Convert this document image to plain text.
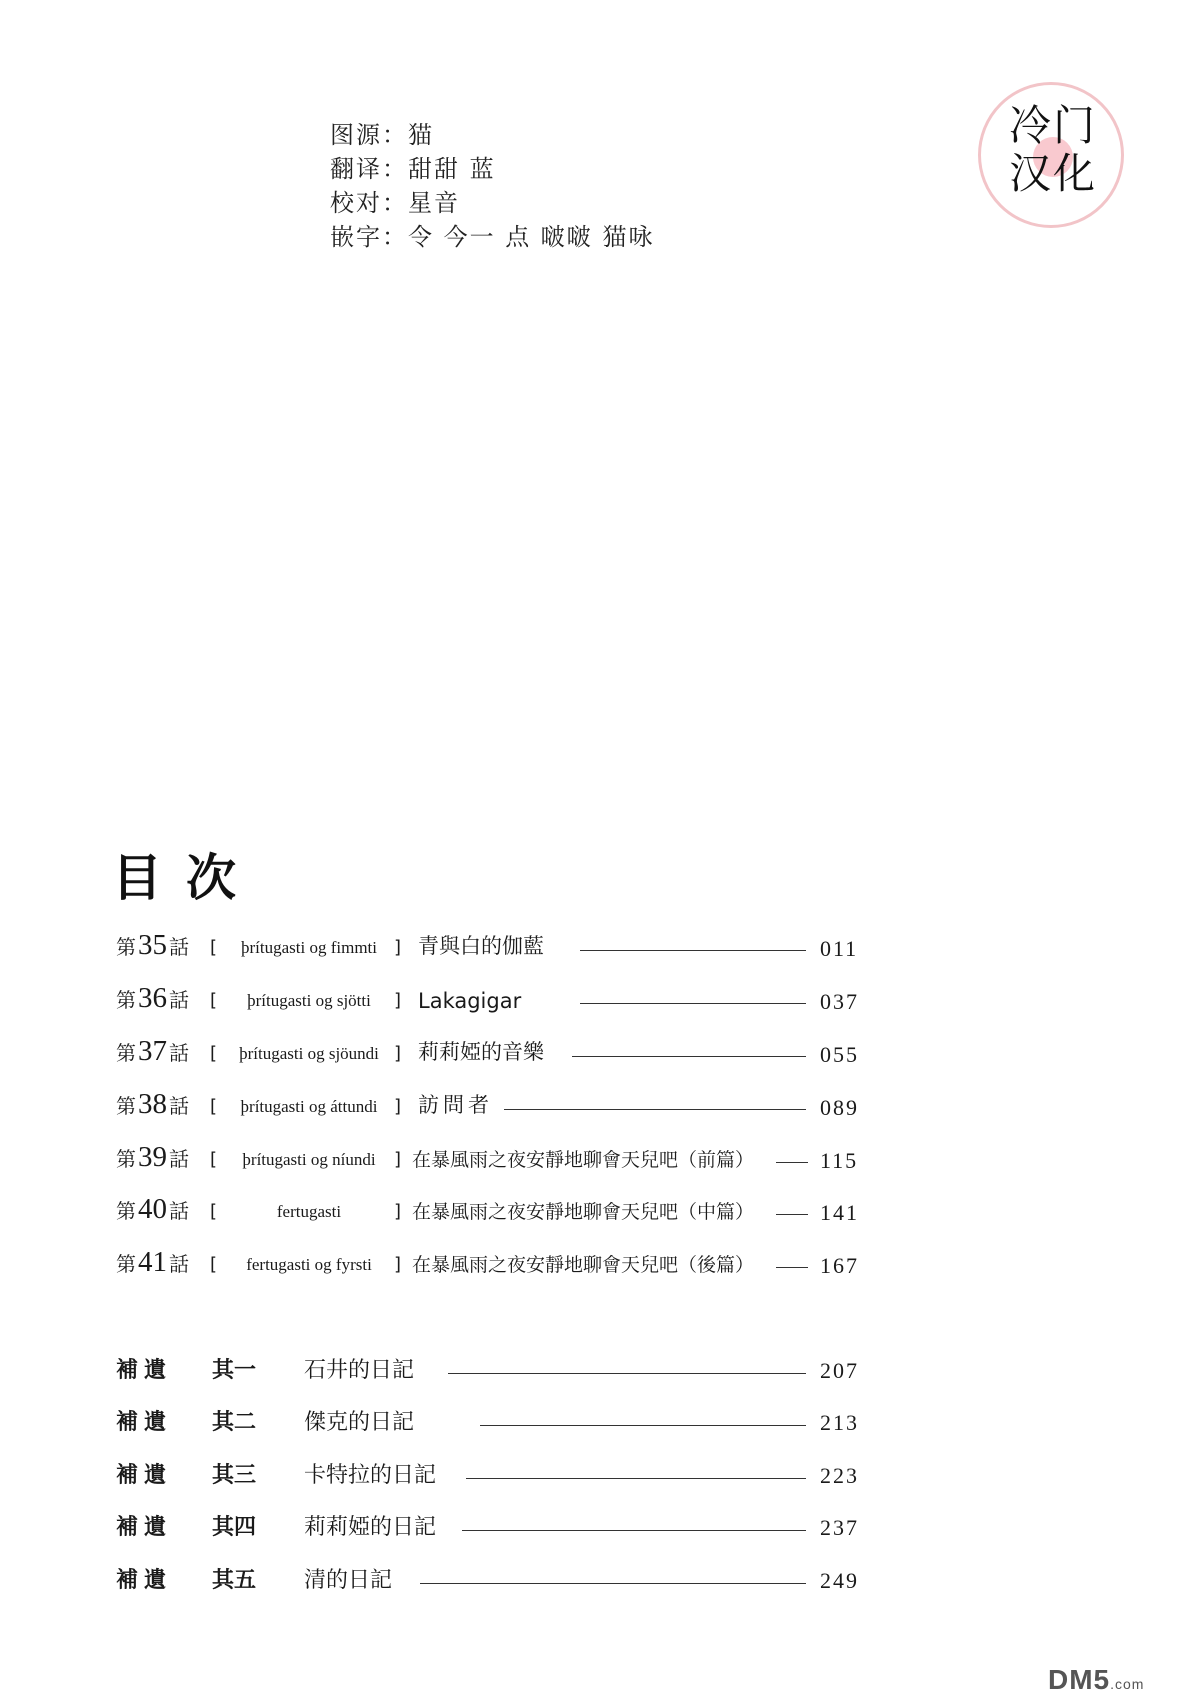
图源：猫
翻译：甜甜 蓝
校对：星音
嵌字：令 今一 点 啵啵 猫咏
冷门
汉化
目次
第35 話 [	þrítugasti og fimmti ] 青與白的伽藍	011
第36 話 [	þrítugasti og sjötti	] Lakagigar	037
第37 話 [	þrítugasti og sjöundi ] 莉莉婭的音樂	055
第38 話 [	þrítugasti og áttundi ] 訪問者	089
第39 話 [	þrítugasti og níundi	] 在暴風雨之夜安靜地聊會天兒吧（前篇）	115
第40 話 [	fertugasti	] 在暴風雨之夜安靜地聊會天兒吧（中篇）	141
第41 話 [	fertugasti og fyrsti	] 在暴風雨之夜安靜地聊會天兒吧（後篇）	167
補遺 其一 石井的日記	207
補遺 其二 傑克的日記	213
補遺 其三 卡特拉的日記	223
補遺 其四 莉莉婭的日記	237
補遺 其五 清的日記	249
DM5.com
